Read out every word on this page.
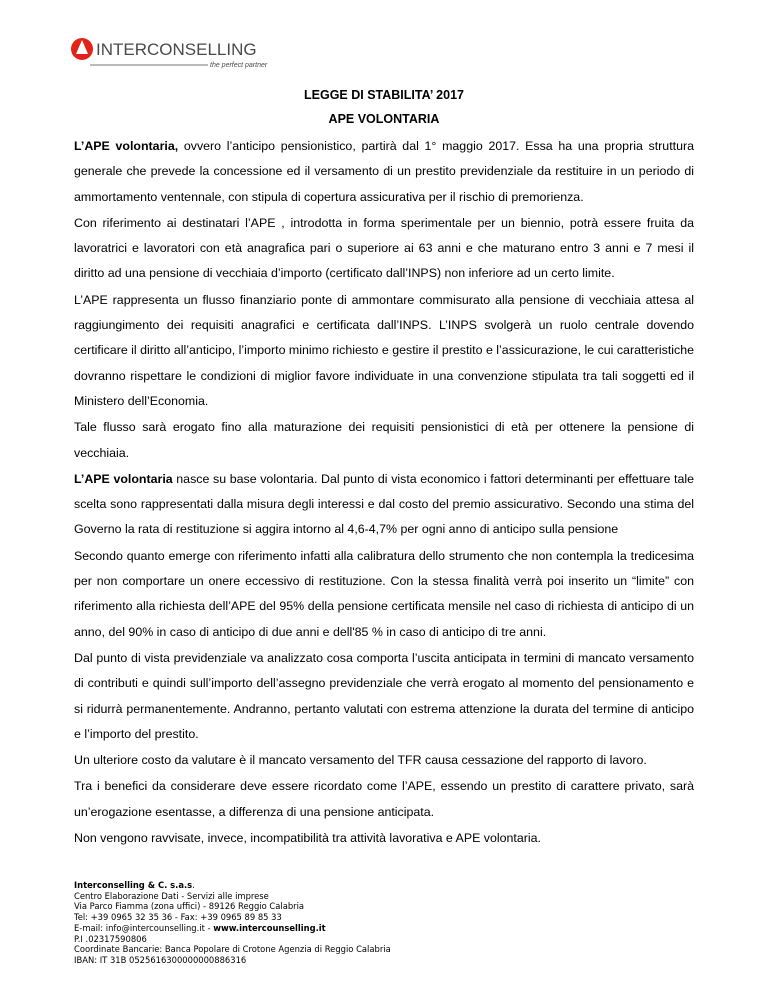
INTERCONSELLING
the perfect partner
LEGGE DI STABILITA’ 2017
APE VOLONTARIA

L’APE volontaria, ovvero l’anticipo pensionistico, partirà dal 1° maggio 2017. Essa ha una propria struttura generale che prevede la concessione ed il versamento di un prestito previdenziale da restituire in un periodo di ammortamento ventennale, con stipula di copertura assicurativa per il rischio di premorienza.

Con riferimento ai destinatari l’APE , introdotta in forma sperimentale per un biennio, potrà essere fruita da lavoratrici e lavoratori con età anagrafica pari o superiore ai 63 anni e che maturano entro 3 anni e 7 mesi il diritto ad una pensione di vecchiaia d’importo (certificato dall’INPS) non inferiore ad un certo limite.

L’APE rappresenta un flusso finanziario ponte di ammontare commisurato alla pensione di vecchiaia attesa al raggiungimento dei requisiti anagrafici e certificata dall’INPS. L’INPS svolgerà un ruolo centrale dovendo certificare il diritto all’anticipo, l’importo minimo richiesto e gestire il prestito e l’assicurazione, le cui caratteristiche dovranno rispettare le condizioni di miglior favore individuate in una convenzione stipulata tra tali soggetti ed il Ministero dell’Economia.

Tale flusso sarà erogato fino alla maturazione dei requisiti pensionistici di età per ottenere la pensione di vecchiaia.

L’APE volontaria nasce su base volontaria. Dal punto di vista economico i fattori determinanti per effettuare tale scelta sono rappresentati dalla misura degli interessi e dal costo del premio assicurativo. Secondo una stima del Governo la rata di restituzione si aggira intorno al 4,6-4,7% per ogni anno di anticipo sulla pensione

Secondo quanto emerge con riferimento infatti alla calibratura dello strumento che non contempla la tredicesima per non comportare un onere eccessivo di restituzione. Con la stessa finalità verrà poi inserito un “limite” con riferimento alla richiesta dell’APE del 95% della pensione certificata mensile nel caso di richiesta di anticipo di un anno, del 90% in caso di anticipo di due anni e dell'85 % in caso di anticipo di tre anni.

Dal punto di vista previdenziale va analizzato cosa comporta l’uscita anticipata in termini di mancato versamento di contributi e quindi sull’importo dell’assegno previdenziale che verrà erogato al momento del pensionamento e si ridurrà permanentemente. Andranno, pertanto valutati con estrema attenzione la durata del termine di anticipo e l’importo del prestito.

Un ulteriore costo da valutare è il mancato versamento del TFR causa cessazione del rapporto di lavoro.

Tra i benefici da considerare deve essere ricordato come l’APE, essendo un prestito di carattere privato, sarà un’erogazione esentasse, a differenza di una pensione anticipata.

Non vengono ravvisate, invece, incompatibilità tra attività lavorativa e APE volontaria.

Interconselling & C. s.a.s.
Centro Elaborazione Dati - Servizi alle imprese
Via Parco Fiamma (zona uffici) - 89126 Reggio Calabria
Tel: +39 0965 32 35 36 - Fax: +39 0965 89 85 33
E-mail: info@intercounselling.it - www.intercounselling.it
P.I .02317590806
Coordinate Bancarie: Banca Popolare di Crotone Agenzia di Reggio Calabria
IBAN: IT 31B 0525616300000000886316
